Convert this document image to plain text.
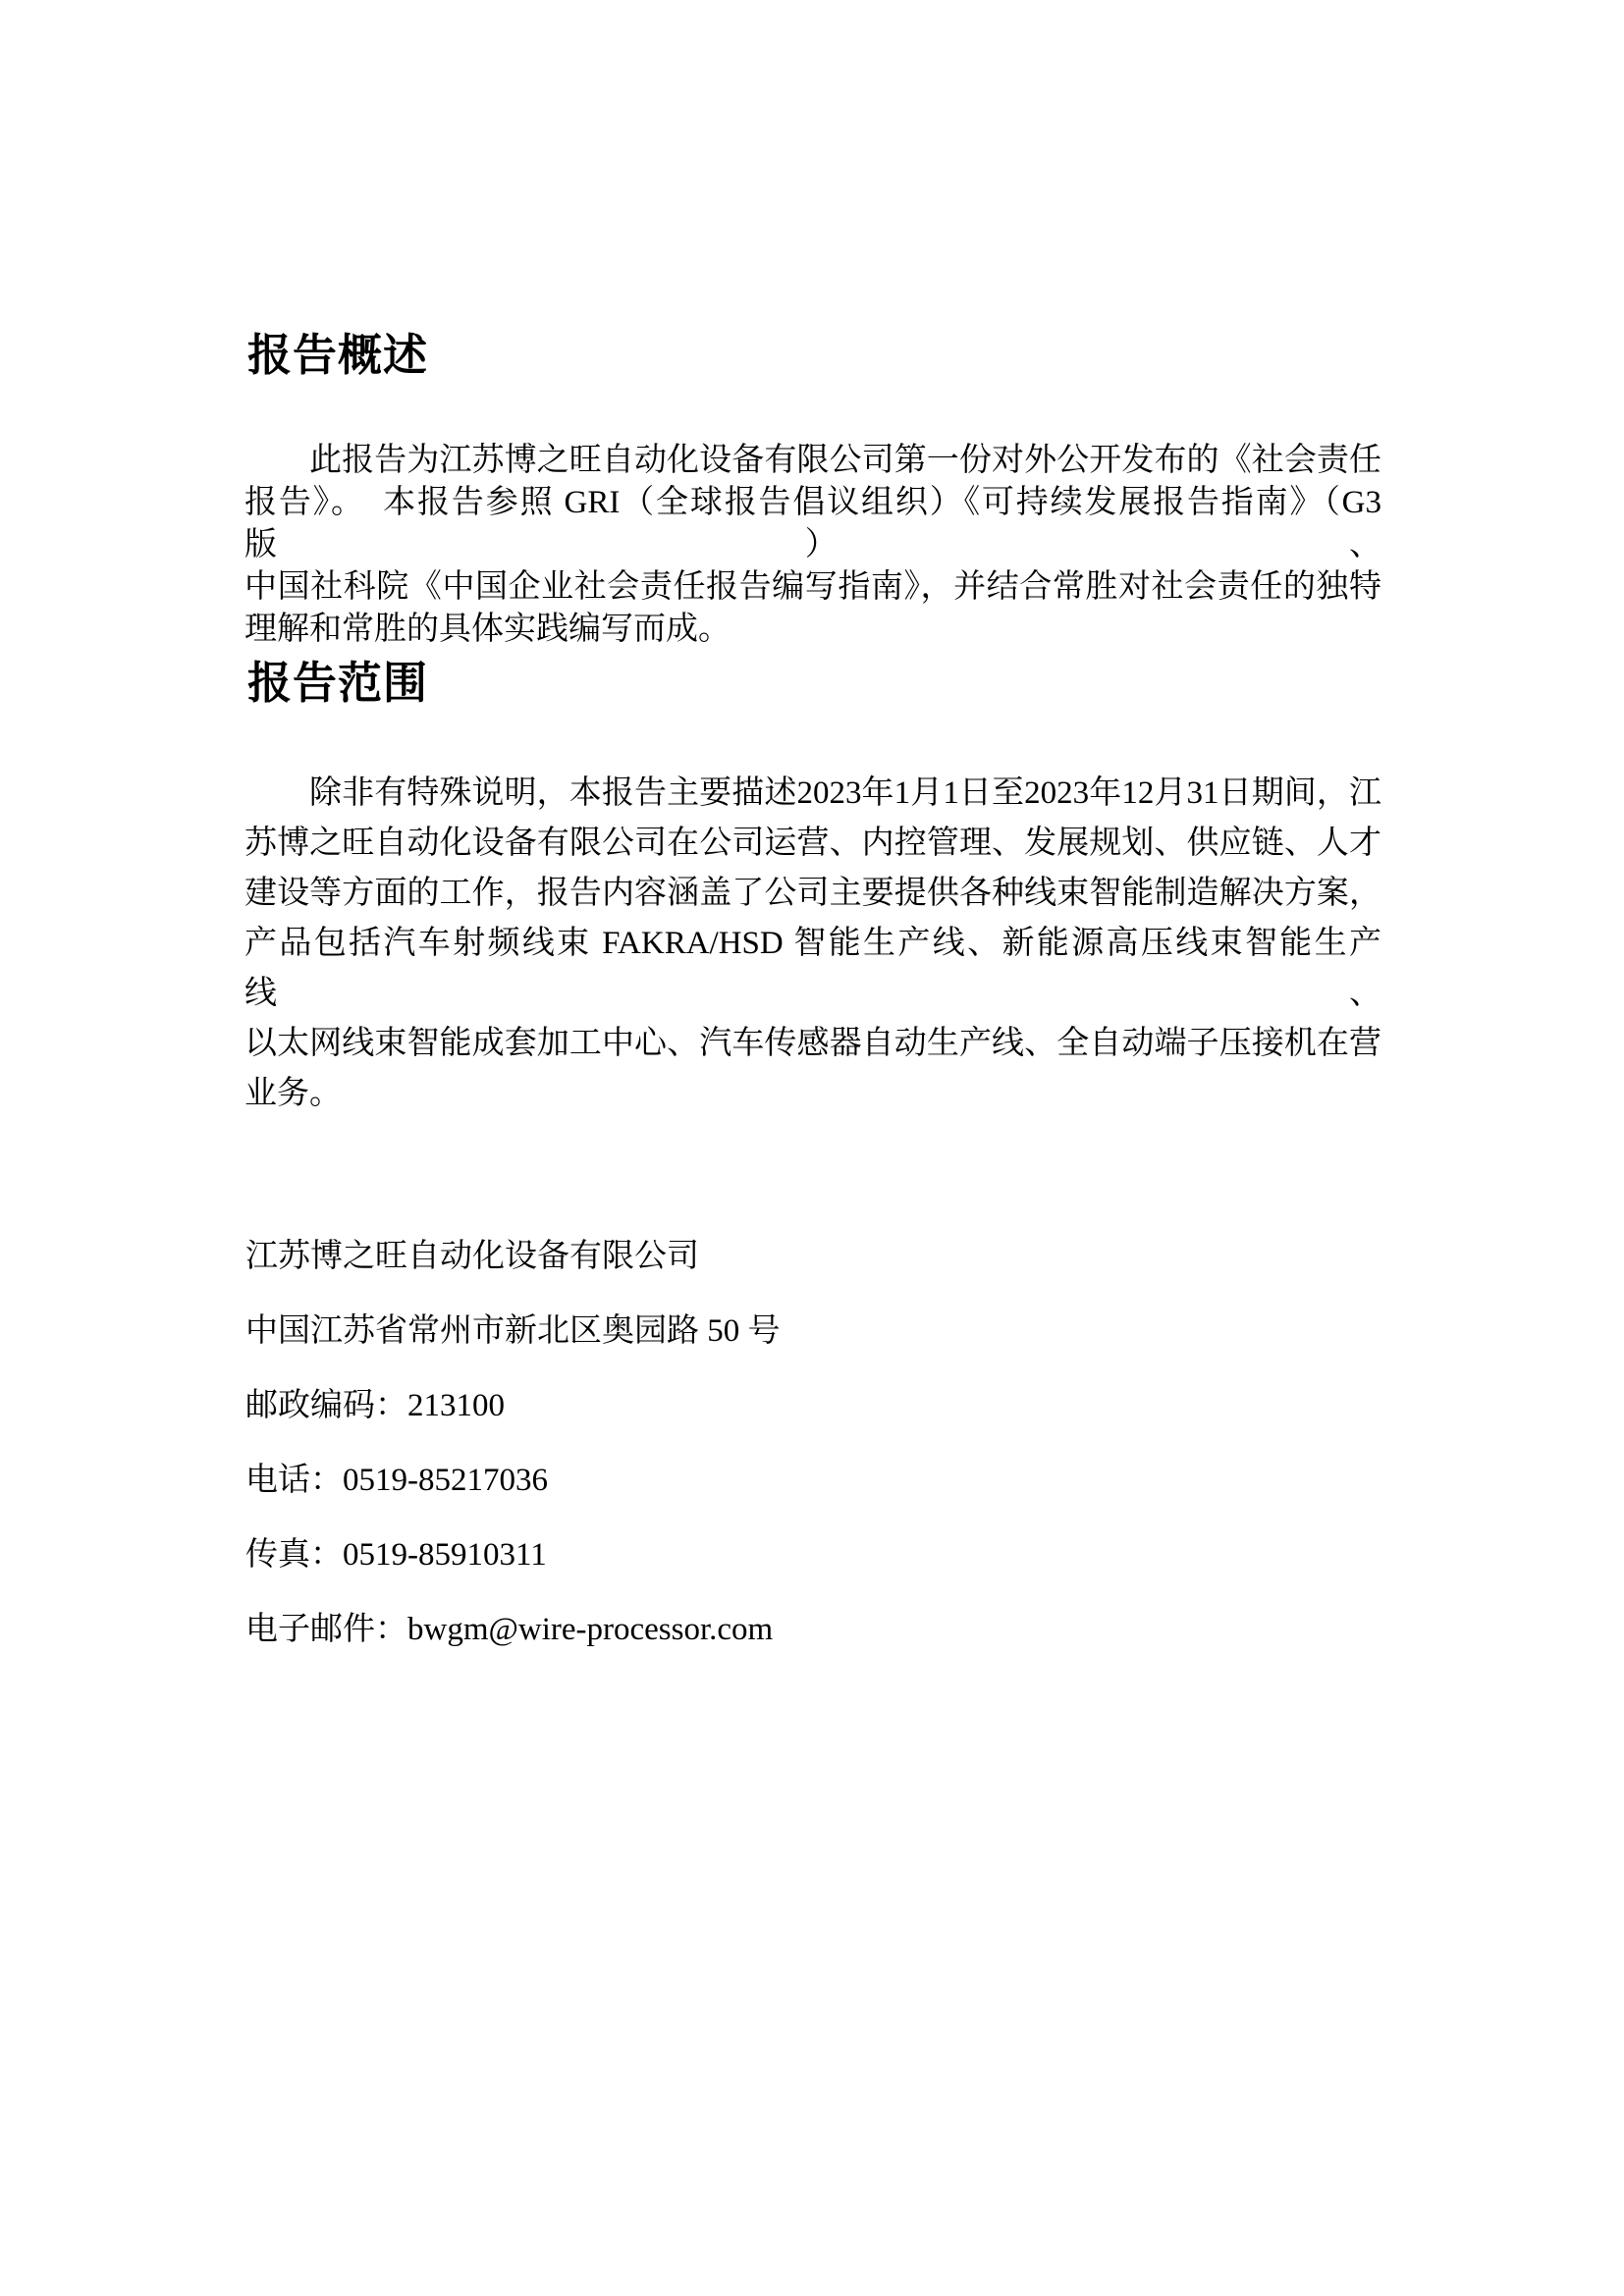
报告概述
此报告为江苏博之旺自动化设备有限公司第一份对外公开发布的《社会责任
报告》。　本报告参照 GRI（全球报告倡议组织）《可持续发展报告指南》（G3 版）、
中国社科院《中国企业社会责任报告编写指南》，并结合常胜对社会责任的独特
理解和常胜的具体实践编写而成。
报告范围
除非有特殊说明，本报告主要描述2023年1月1日至2023年12月31日期间，江
苏博之旺自动化设备有限公司在公司运营、内控管理、发展规划、供应链、人才
建设等方面的工作，报告内容涵盖了公司主要提供各种线束智能制造解决方案，
产品包括汽车射频线束 FAKRA/HSD 智能生产线、新能源高压线束智能生产线、
以太网线束智能成套加工中心、汽车传感器自动生产线、全自动端子压接机在营
业务。
江苏博之旺自动化设备有限公司
中国江苏省常州市新北区奥园路 50 号
邮政编码：213100
电话：0519-85217036
传真：0519-85910311
电子邮件：bwgm@wire-processor.com
